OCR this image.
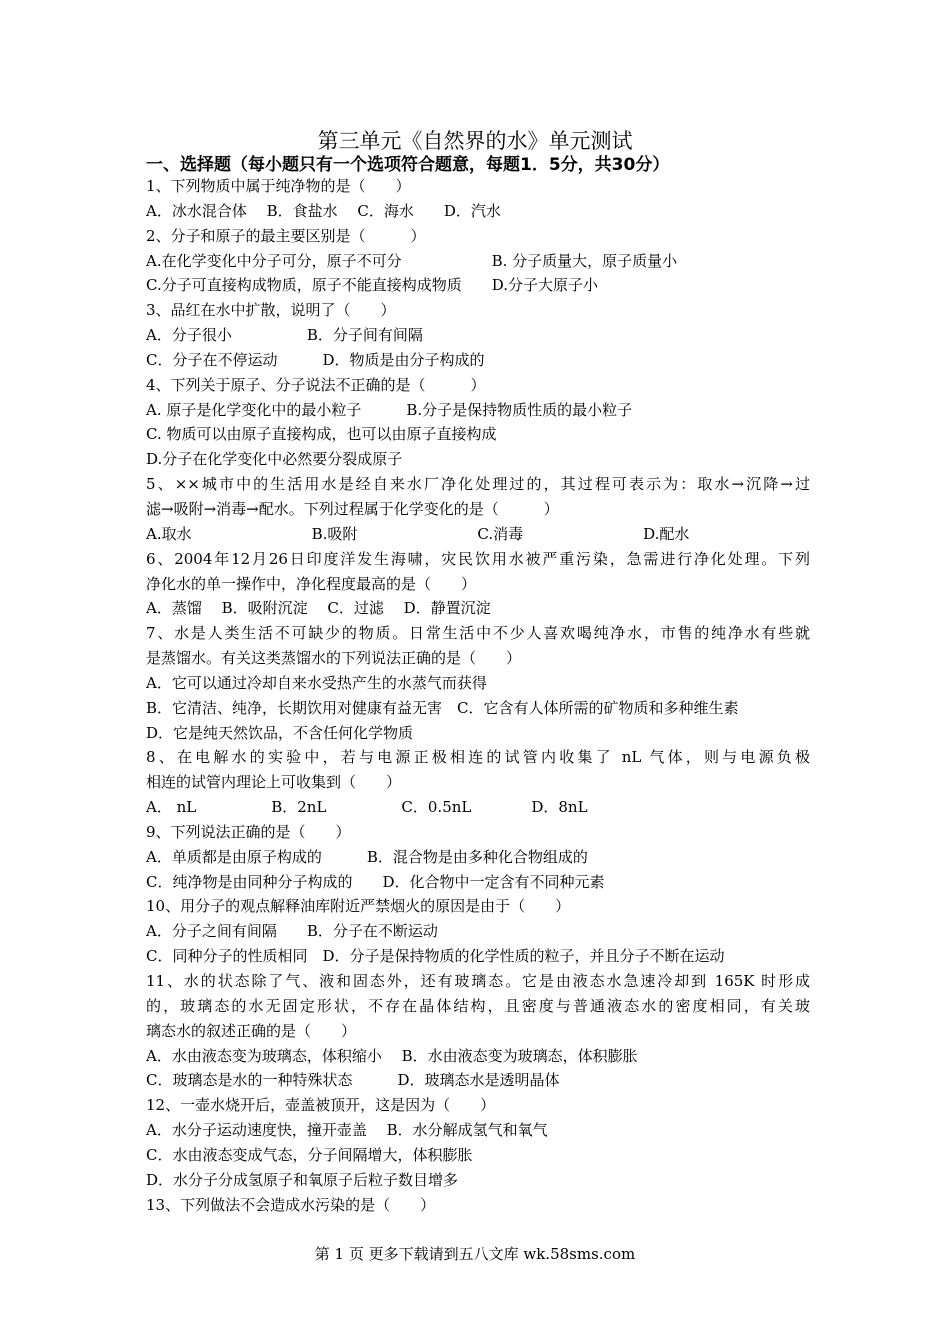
第三单元《自然界的水》单元测试
一、选择题（每小题只有一个选项符合题意，每题1．5分，共30分）
1、下列物质中属于纯净物的是（　　）
A．冰水混合体　 B．食盐水　 C．海水　　D．汽水
2、分子和原子的最主要区别是（　　　）
A.在化学变化中分子可分，原子不可分　　　　　　B. 分子质量大，原子质量小
C.分子可直接构成物质，原子不能直接构成物质　　D.分子大原子小
3、品红在水中扩散，说明了（　　）
A．分子很小　　　　　B．分子间有间隔
C．分子在不停运动　　　D．物质是由分子构成的
4、下列关于原子、分子说法不正确的是（　　　）
A. 原子是化学变化中的最小粒子　　　B.分子是保持物质性质的最小粒子
C. 物质可以由原子直接构成，也可以由原子直接构成
D.分子在化学变化中必然要分裂成原子
5、××城市中的生活用水是经自来水厂净化处理过的，其过程可表示为：取水→沉降→过
滤→吸附→消毒→配水。下列过程属于化学变化的是（　　　）
A.取水　　　　　　　　B.吸附　　　　　　　　C.消毒　　　　　　　　D.配水
6、2004年12月26日印度洋发生海啸，灾民饮用水被严重污染，急需进行净化处理。下列
净化水的单一操作中，净化程度最高的是（　　）
A．蒸馏　 B．吸附沉淀　 C．过滤　 D．静置沉淀
7、水是人类生活不可缺少的物质。日常生活中不少人喜欢喝纯净水，市售的纯净水有些就
是蒸馏水。有关这类蒸馏水的下列说法正确的是（　　）
A．它可以通过冷却自来水受热产生的水蒸气而获得
B．它清洁、纯净，长期饮用对健康有益无害　C．它含有人体所需的矿物质和多种维生素
D．它是纯天然饮品，不含任何化学物质
8、在电解水的实验中，若与电源正极相连的试管内收集了 nL 气体，则与电源负极
相连的试管内理论上可收集到（　　）
A． nL　　　　　B．2nL　　　　　C．0.5nL　　　　D．8nL
9、下列说法正确的是（　　）
A．单质都是由原子构成的　　　B．混合物是由多种化合物组成的
C．纯净物是由同种分子构成的　　D．化合物中一定含有不同种元素
10、用分子的观点解释油库附近严禁烟火的原因是由于（　　）
A．分子之间有间隔　　B．分子在不断运动
C．同种分子的性质相同　D．分子是保持物质的化学性质的粒子，并且分子不断在运动
11、水的状态除了气、液和固态外，还有玻璃态。它是由液态水急速冷却到 165K 时形成
的，玻璃态的水无固定形状，不存在晶体结构，且密度与普通液态水的密度相同，有关玻
璃态水的叙述正确的是（　　）
A．水由液态变为玻璃态，体积缩小　 B．水由液态变为玻璃态，体积膨胀
C．玻璃态是水的一种特殊状态　　　D．玻璃态水是透明晶体
12、一壶水烧开后，壶盖被顶开，这是因为（　　）
A．水分子运动速度快，撞开壶盖　 B．水分解成氢气和氧气
C．水由液态变成气态，分子间隔增大，体积膨胀
D．水分子分成氢原子和氧原子后粒子数目增多
13、下列做法不会造成水污染的是（　　）
第 1 页 更多下载请到五八文库 wk.58sms.com
